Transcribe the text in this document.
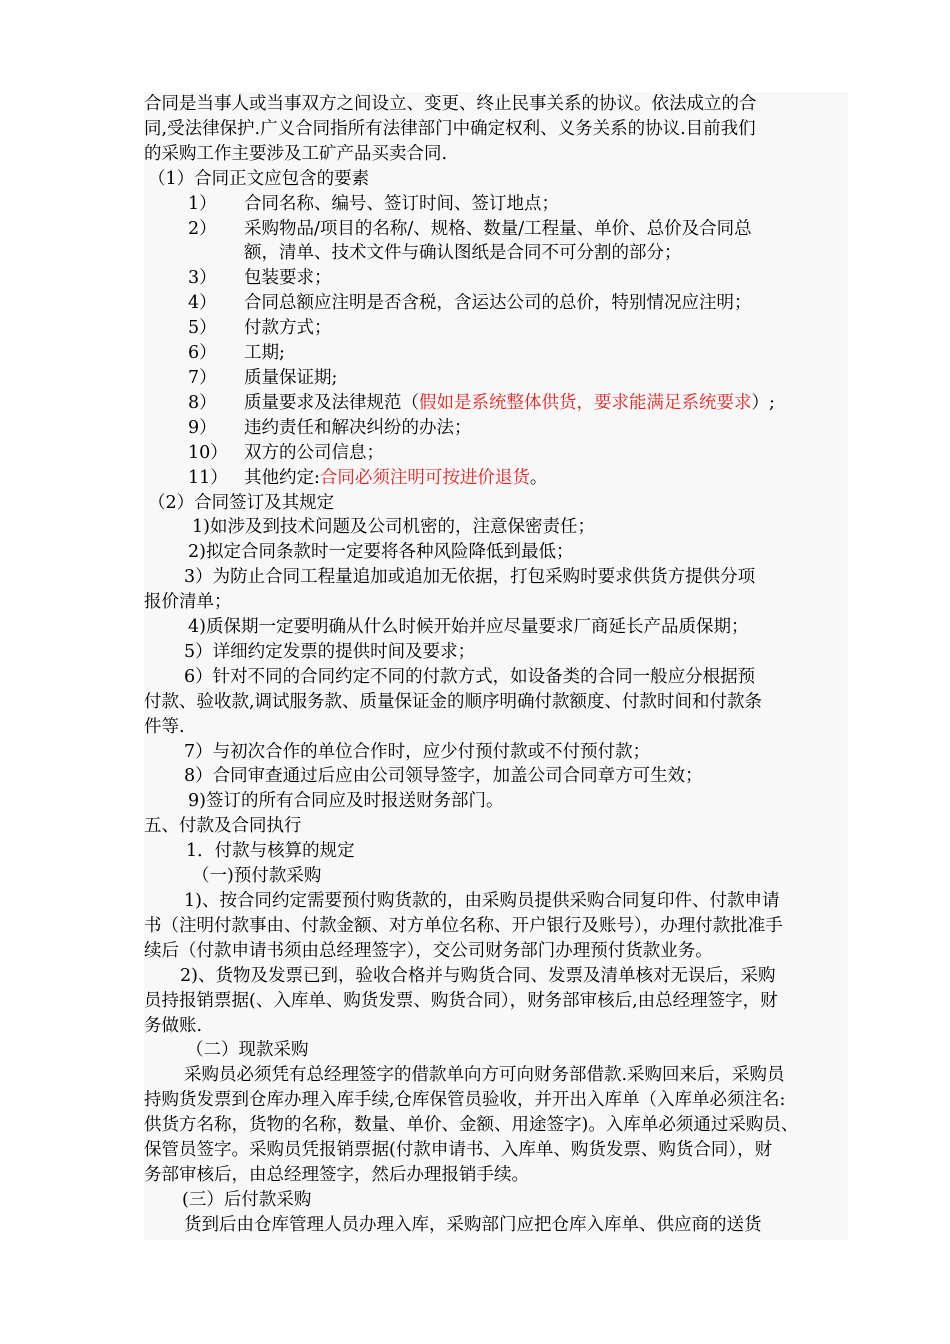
合同是当事人或当事双方之间设立、变更、终止民事关系的协议。依法成立的合
同,受法律保护.广义合同指所有法律部门中确定权利、义务关系的协议.目前我们
的采购工作主要涉及工矿产品买卖合同.
（1）合同正文应包含的要素
1） 合同名称、编号、签订时间、签订地点；
2） 采购物品/项目的名称/、规格、数量/工程量、单价、总价及合同总
额，清单、技术文件与确认图纸是合同不可分割的部分；
3） 包装要求；
4） 合同总额应注明是否含税，含运达公司的总价，特别情况应注明；
5） 付款方式；
6） 工期;
7） 质量保证期;
8） 质量要求及法律规范（假如是系统整体供货，要求能满足系统要求）;
9） 违约责任和解决纠纷的办法；
10） 双方的公司信息；
11） 其他约定:合同必须注明可按进价退货。
（2）合同签订及其规定
1)如涉及到技术问题及公司机密的，注意保密责任；
2)拟定合同条款时一定要将各种风险降低到最低；
3）为防止合同工程量追加或追加无依据，打包采购时要求供货方提供分项
报价清单；
4)质保期一定要明确从什么时候开始并应尽量要求厂商延长产品质保期；
5）详细约定发票的提供时间及要求；
6）针对不同的合同约定不同的付款方式，如设备类的合同一般应分根据预
付款、验收款,调试服务款、质量保证金的顺序明确付款额度、付款时间和付款条
件等.
7）与初次合作的单位合作时，应少付预付款或不付预付款；
8）合同审查通过后应由公司领导签字，加盖公司合同章方可生效；
9)签订的所有合同应及时报送财务部门。
五、付款及合同执行
1．付款与核算的规定
（一)预付款采购
1)、按合同约定需要预付购货款的，由采购员提供采购合同复印件、付款申请
书（注明付款事由、付款金额、对方单位名称、开户银行及账号），办理付款批准手
续后（付款申请书须由总经理签字），交公司财务部门办理预付货款业务。
2)、货物及发票已到，验收合格并与购货合同、发票及清单核对无误后，采购
员持报销票据(、入库单、购货发票、购货合同），财务部审核后,由总经理签字，财
务做账.
（二）现款采购
采购员必须凭有总经理签字的借款单向方可向财务部借款.采购回来后，采购员
持购货发票到仓库办理入库手续,仓库保管员验收，并开出入库单（入库单必须注名:
供货方名称，货物的名称，数量、单价、金额、用途签字)。入库单必须通过采购员、
保管员签字。采购员凭报销票据(付款申请书、入库单、购货发票、购货合同），财
务部审核后，由总经理签字，然后办理报销手续。
(三）后付款采购
货到后由仓库管理人员办理入库，采购部门应把仓库入库单、供应商的送货
